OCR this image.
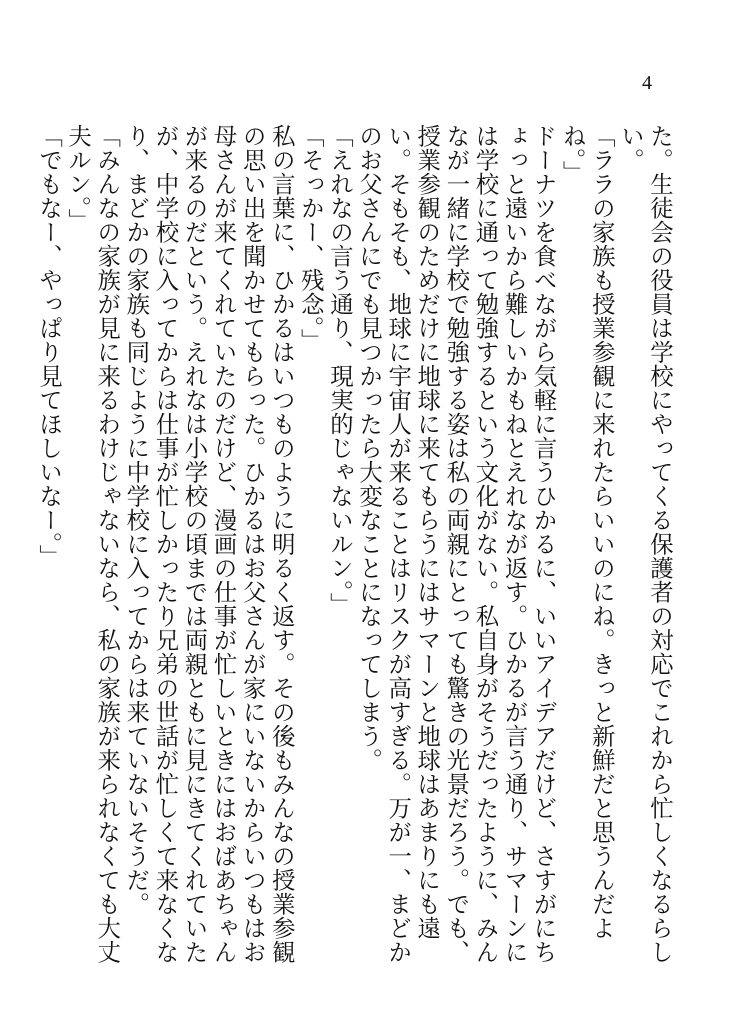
4

た。生徒会の役員は学校にやってくる保護者の対応でこれから忙しくなるらしい。

「ララの家族も授業参観に来れたらいいのにね。きっと新鮮だと思うんだよね。」

ドーナツを食べながら気軽に言うひかるに、いいアイデアだけど、さすがにちょっと遠いから難しいかもねとえれなが返す。ひかるが言う通り、サマーンには学校に通って勉強するという文化がない。私自身がそうだったように、みんなが一緒に学校で勉強する姿は私の両親にとっても驚きの光景だろう。でも、授業参観のためだけに地球に来てもらうにはサマーンと地球はあまりにも遠い。そもそも、地球に宇宙人が来ることはリスクが高すぎる。万が一、まどかのお父さんにでも見つかったら大変なことになってしまう。

「えれなの言う通り、現実的じゃないルン。」

「そっかー、残念。」

私の言葉に、ひかるはいつものように明るく返す。その後もみんなの授業参観の思い出を聞かせてもらった。ひかるはお父さんが家にいないからいつもはお母さんが来てくれていたのだけど、漫画の仕事が忙しいときにはおばあちゃんが来るのだという。えれなは小学校の頃までは両親ともに見にきてくれていたが、中学校に入ってからは仕事が忙しかったり兄弟の世話が忙しくて来なくなり、まどかの家族も同じように中学校に入ってからは来ていないそうだ。

「みんなの家族が見に来るわけじゃないなら、私の家族が来られなくても大丈夫ルン。」

「でもなー、やっぱり見てほしいなー。」
